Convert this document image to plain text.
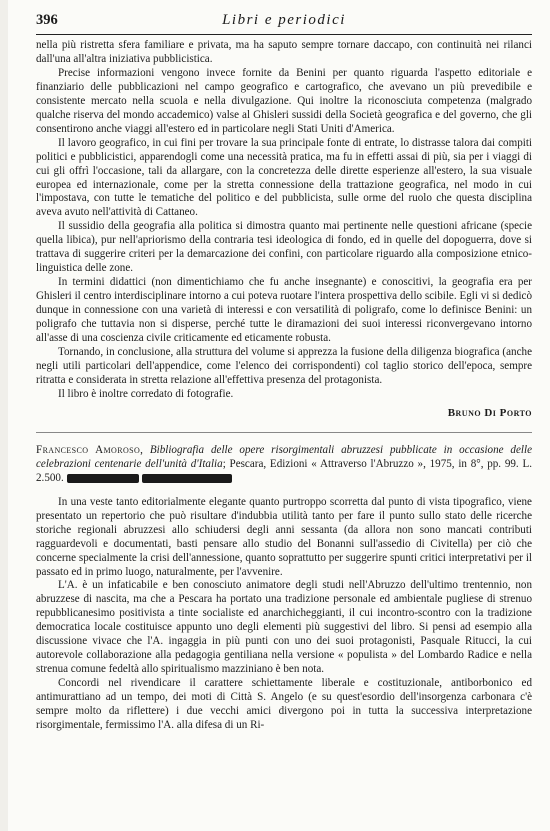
396	Libri e periodici

nella più ristretta sfera familiare e privata, ma ha saputo sempre tornare daccapo, con continuità nei rilanci dall'una all'altra iniziativa pubblicistica.

Precise informazioni vengono invece fornite da Benini per quanto riguarda l'aspetto editoriale e finanziario delle pubblicazioni nel campo geografico e cartografico, che avevano un più prevedibile e consistente mercato nella scuola e nella divulgazione. Qui inoltre la riconosciuta competenza (malgrado qualche riserva del mondo accademico) valse al Ghisleri sussidi della Società geografica e del governo, che gli consentirono anche viaggi all'estero ed in particolare negli Stati Uniti d'America.

Il lavoro geografico, in cui fini per trovare la sua principale fonte di entrate, lo distrasse talora dai compiti politici e pubblicistici, apparendogli come una necessità pratica, ma fu in effetti assai di più, sia per i viaggi di cui gli offrì l'occasione, tali da allargare, con la concretezza delle dirette esperienze all'estero, la sua visuale europea ed internazionale, come per la stretta connessione della trattazione geografica, nel modo in cui l'impostava, con tutte le tematiche del politico e del pubblicista, sulle orme del ruolo che questa disciplina aveva avuto nell'attività di Cattaneo.

Il sussidio della geografia alla politica si dimostra quanto mai pertinente nelle questioni africane (specie quella libica), pur nell'apriorismo della contraria tesi ideologica di fondo, ed in quelle del dopoguerra, dove si trattava di suggerire criteri per la demarcazione dei confini, con particolare riguardo alla composizione etnico-linguistica delle zone.

In termini didattici (non dimentichiamo che fu anche insegnante) e conoscitivi, la geografia era per Ghisleri il centro interdisciplinare intorno a cui poteva ruotare l'intera prospettiva dello scibile. Egli vi si dedicò dunque in connessione con una varietà di interessi e con versatilità di poligrafo, come lo definisce Benini: un poligrafo che tuttavia non si disperse, perché tutte le diramazioni dei suoi interessi riconvergevano intorno all'asse di una coscienza civile criticamente ed eticamente robusta.

Tornando, in conclusione, alla struttura del volume si apprezza la fusione della diligenza biografica (anche negli utili particolari dell'appendice, come l'elenco dei corrispondenti) col taglio storico dell'epoca, sempre ritratta e considerata in stretta relazione all'effettiva presenza del protagonista.

Il libro è inoltre corredato di fotografie.

Bruno Di Porto
Francesco Amoroso, Bibliografia delle opere risorgimentali abruzzesi pubblicate in occasione delle celebrazioni centenarie dell'unità d'Italia; Pescara, Edizioni « Attraverso l'Abruzzo », 1975, in 8°, pp. 99. L. 2.500.

In una veste tanto editorialmente elegante quanto purtroppo scorretta dal punto di vista tipografico, viene presentato un repertorio che può risultare d'indubbia utilità tanto per fare il punto sullo stato delle ricerche storiche regionali abruzzesi allo schiudersi degli anni sessanta (da allora non sono mancati contributi ragguardevoli e documentati, basti pensare allo studio del Bonanni sull'assedio di Civitella) per ciò che concerne specialmente la crisi dell'annessione, quanto soprattutto per suggerire spunti critici interpretativi per il passato ed in primo luogo, naturalmente, per l'avvenire.

L'A. è un infaticabile e ben conosciuto animatore degli studi nell'Abruzzo dell'ultimo trentennio, non abruzzese di nascita, ma che a Pescara ha portato una tradizione personale ed ambientale pugliese di strenuo repubblicanesimo positivista a tinte socialiste ed anarchicheggianti, il cui incontro-scontro con la tradizione democratica locale costituisce appunto uno degli elementi più suggestivi del libro. Si pensi ad esempio alla discussione vivace che l'A. ingaggia in più punti con uno dei suoi protagonisti, Pasquale Ritucci, la cui autorevole collaborazione alla pedagogia gentiliana nella versione « populista » del Lombardo Radice e nella strenua comune fedeltà allo spiritualismo mazziniano è ben nota.

Concordi nel rivendicare il carattere schiettamente liberale e costituzionale, antiborbonico ed antimurattiano ad un tempo, dei moti di Città S. Angelo (e su quest'esordio dell'insorgenza carbonara c'è sempre molto da riflettere) i due vecchi amici divergono poi in tutta la successiva interpretazione risorgimentale, fermissimo l'A. alla difesa di un Ri-
